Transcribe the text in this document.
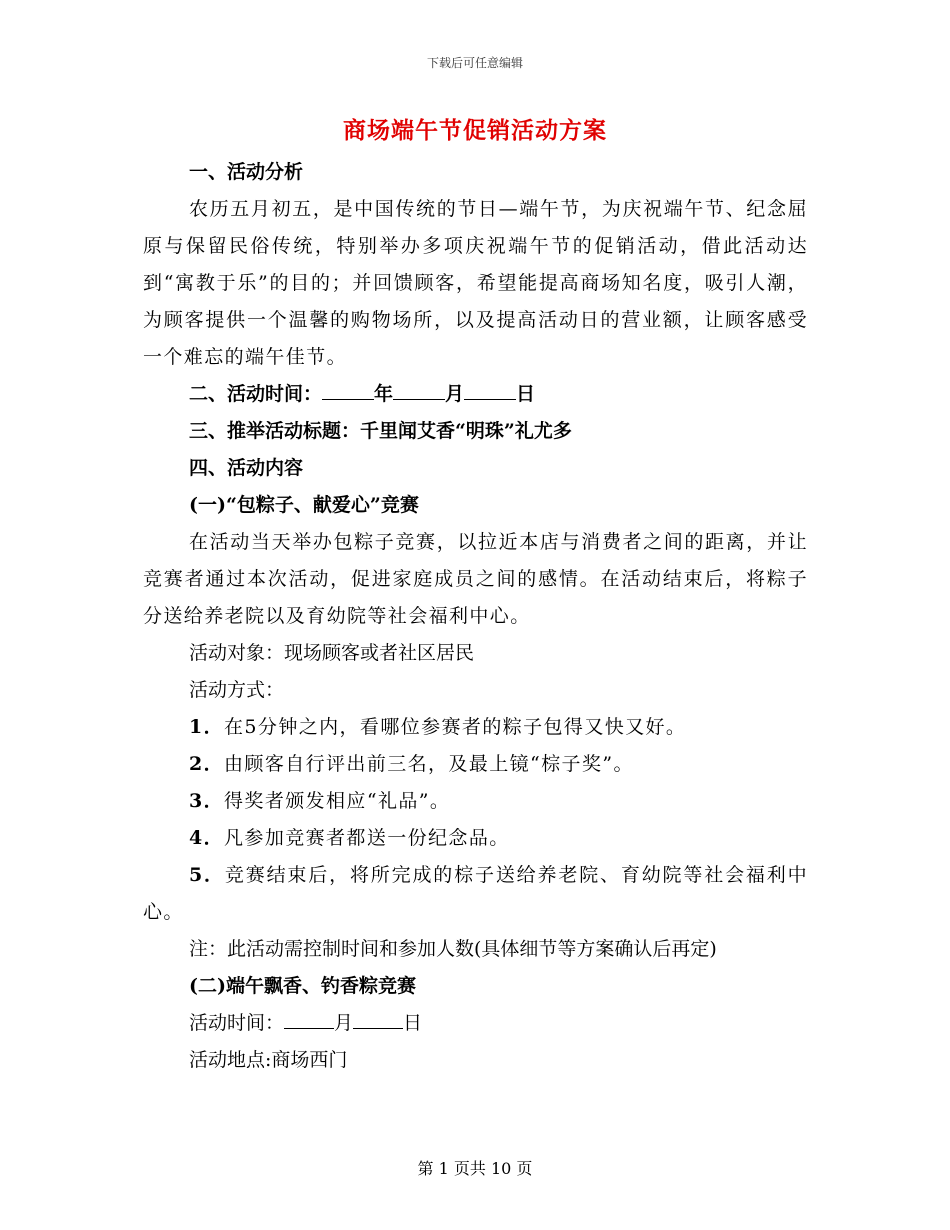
下载后可任意编辑
商场端午节促销活动方案

一、活动分析

农历五月初五，是中国传统的节日—端午节，为庆祝端午节、纪念屈原与保留民俗传统，特别举办多项庆祝端午节的促销活动，借此活动达到“寓教于乐”的目的；并回馈顾客，希望能提高商场知名度，吸引人潮，为顾客提供一个温馨的购物场所，以及提高活动日的营业额，让顾客感受一个难忘的端午佳节。

二、活动时间：	年	月	日

三、推举活动标题：千里闻艾香“明珠”礼尤多

四、活动内容

(一)“包粽子、献爱心”竞赛

在活动当天举办包粽子竞赛，以拉近本店与消费者之间的距离，并让竞赛者通过本次活动，促进家庭成员之间的感情。在活动结束后，将粽子分送给养老院以及育幼院等社会福利中心。

活动对象：现场顾客或者社区居民

活动方式：

1．在5分钟之内，看哪位参赛者的粽子包得又快又好。

2．由顾客自行评出前三名，及最上镜“棕子奖”。

3．得奖者颁发相应“礼品”。

4．凡参加竞赛者都送一份纪念品。

5．竞赛结束后，将所完成的棕子送给养老院、育幼院等社会福利中心。

注：此活动需控制时间和参加人数(具体细节等方案确认后再定)

(二)端午飘香、钓香粽竞赛

活动时间：	月	日

活动地点:商场西门

第 1 页共 10 页
